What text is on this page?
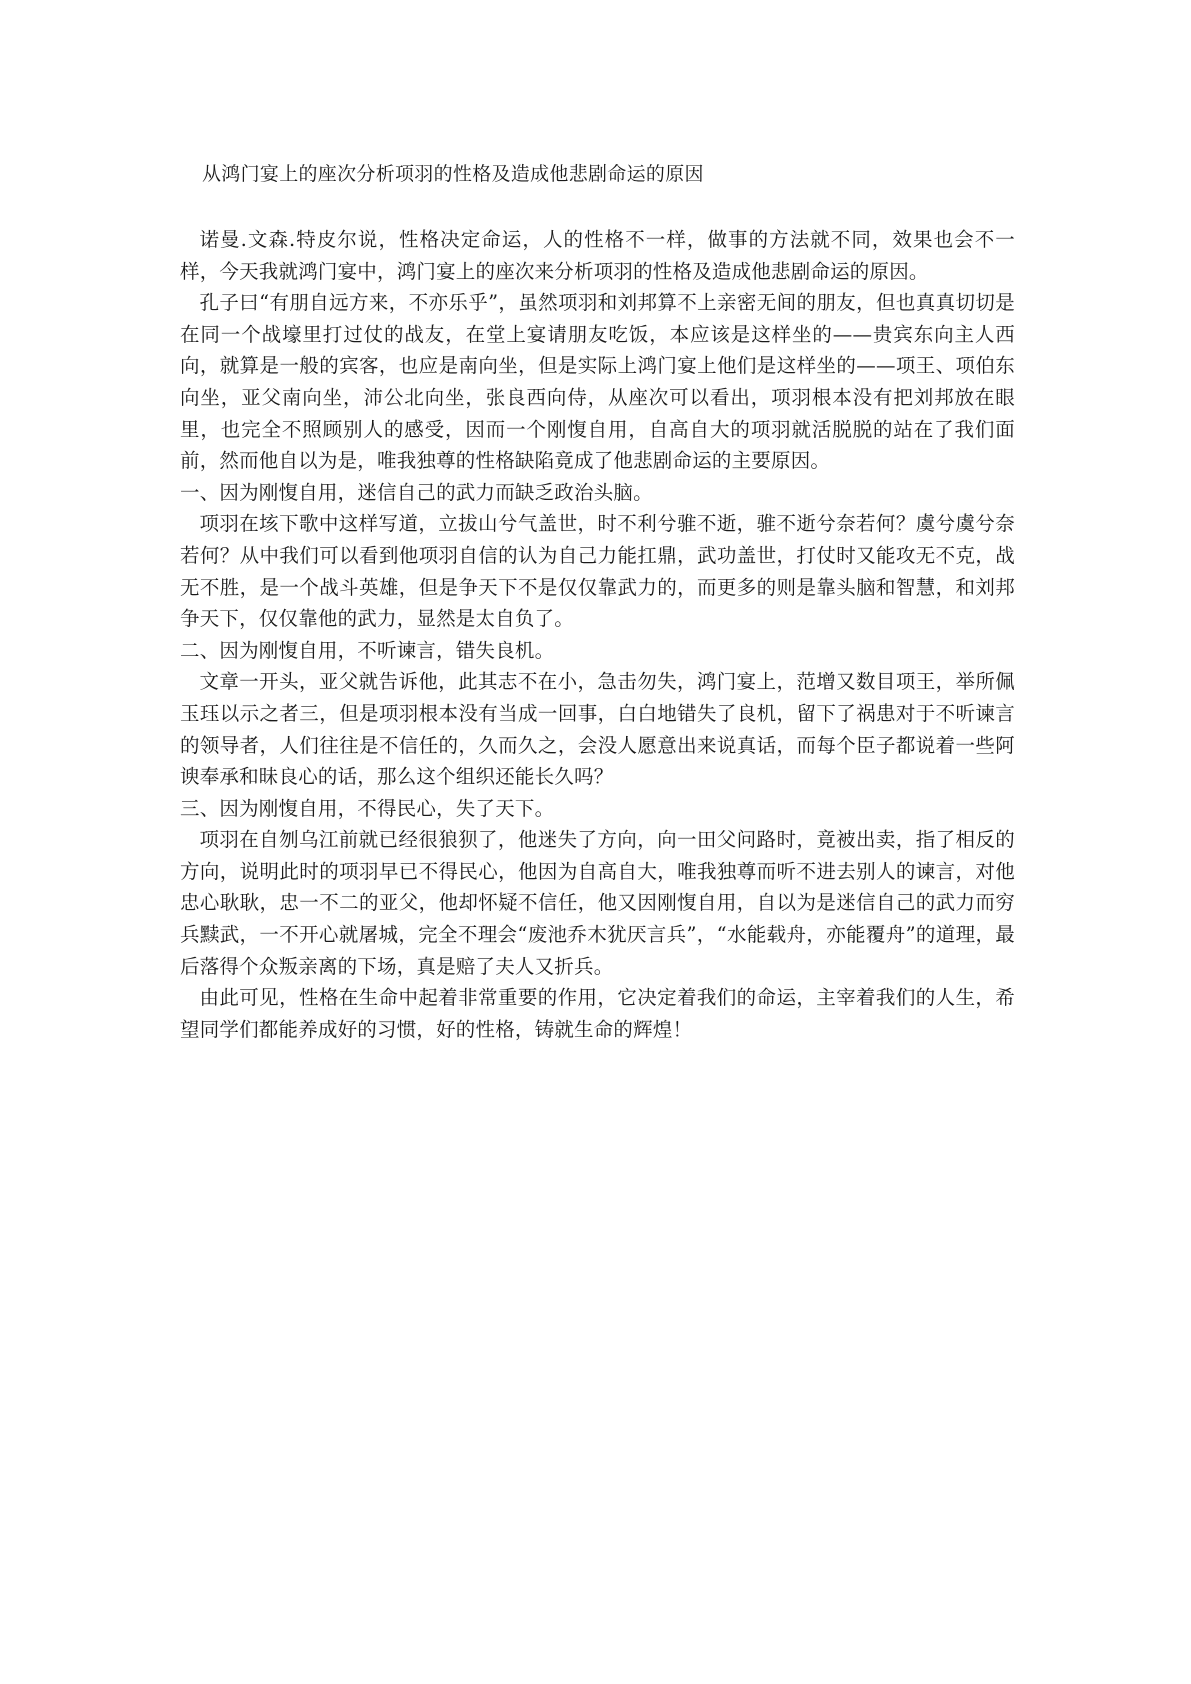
从鸿门宴上的座次分析项羽的性格及造成他悲剧命运的原因

诺曼.文森.特皮尔说，性格决定命运，人的性格不一样，做事的方法就不同，效果也会不一样，今天我就鸿门宴中，鸿门宴上的座次来分析项羽的性格及造成他悲剧命运的原因。

孔子曰“有朋自远方来，不亦乐乎”，虽然项羽和刘邦算不上亲密无间的朋友，但也真真切切是在同一个战壕里打过仗的战友，在堂上宴请朋友吃饭，本应该是这样坐的——贵宾东向主人西向，就算是一般的宾客，也应是南向坐，但是实际上鸿门宴上他们是这样坐的——项王、项伯东向坐，亚父南向坐，沛公北向坐，张良西向侍，从座次可以看出，项羽根本没有把刘邦放在眼里，也完全不照顾别人的感受，因而一个刚愎自用，自高自大的项羽就活脱脱的站在了我们面前，然而他自以为是，唯我独尊的性格缺陷竟成了他悲剧命运的主要原因。

一、因为刚愎自用，迷信自己的武力而缺乏政治头脑。

项羽在垓下歌中这样写道，立拔山兮气盖世，时不利兮骓不逝，骓不逝兮奈若何？虞兮虞兮奈若何？从中我们可以看到他项羽自信的认为自己力能扛鼎，武功盖世，打仗时又能攻无不克，战无不胜，是一个战斗英雄，但是争天下不是仅仅靠武力的，而更多的则是靠头脑和智慧，和刘邦争天下，仅仅靠他的武力，显然是太自负了。

二、因为刚愎自用，不听谏言，错失良机。

文章一开头，亚父就告诉他，此其志不在小，急击勿失，鸿门宴上，范增又数目项王，举所佩玉珏以示之者三，但是项羽根本没有当成一回事，白白地错失了良机，留下了祸患对于不听谏言的领导者，人们往往是不信任的，久而久之，会没人愿意出来说真话，而每个臣子都说着一些阿谀奉承和昧良心的话，那么这个组织还能长久吗？

三、因为刚愎自用，不得民心，失了天下。

项羽在自刎乌江前就已经很狼狈了，他迷失了方向，向一田父问路时，竟被出卖，指了相反的方向，说明此时的项羽早已不得民心，他因为自高自大，唯我独尊而听不进去别人的谏言，对他忠心耿耿，忠一不二的亚父，他却怀疑不信任，他又因刚愎自用，自以为是迷信自己的武力而穷兵黩武，一不开心就屠城，完全不理会“废池乔木犹厌言兵”，“水能载舟，亦能覆舟”的道理，最后落得个众叛亲离的下场，真是赔了夫人又折兵。

由此可见，性格在生命中起着非常重要的作用，它决定着我们的命运，主宰着我们的人生，希望同学们都能养成好的习惯，好的性格，铸就生命的辉煌！
